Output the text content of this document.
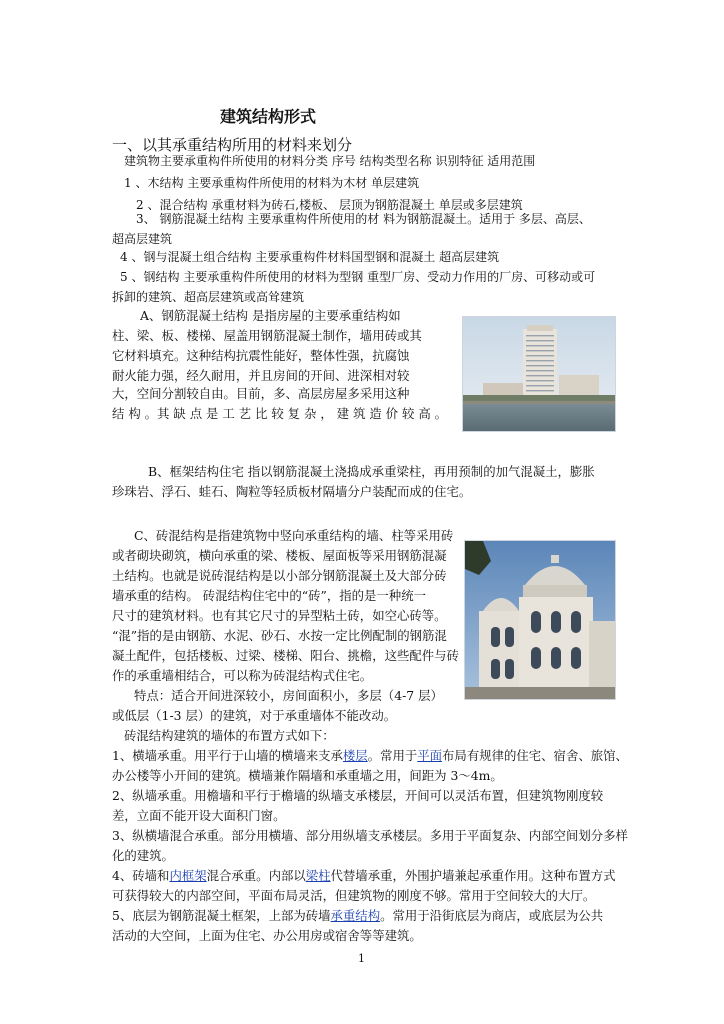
建筑结构形式
一、以其承重结构所用的材料来划分
建筑物主要承重构件所使用的材料分类 序号 结构类型名称 识别特征 适用范围
1 、木结构 主要承重构件所使用的材料为木材 单层建筑
2 、混合结构 承重材料为砖石,楼板、 层顶为钢筋混凝土 单层或多层建筑
3、 钢筋混凝土结构 主要承重构件所使用的材 料为钢筋混凝土。适用于 多层、高层、
超高层建筑
4 、钢与混凝土组合结构 主要承重构件材料国型钢和混凝土 超高层建筑
5 、钢结构 主要承重构件所使用的材料为型钢 重型厂房、受动力作用的厂房、可移动或可
拆卸的建筑、超高层建筑或高耸建筑
A、钢筋混凝土结构 是指房屋的主要承重结构如
柱、梁、板、楼梯、屋盖用钢筋混凝土制作，墙用砖或其
它材料填充。这种结构抗震性能好，整体性强，抗腐蚀
耐火能力强，经久耐用，并且房间的开间、进深相对较
大，空间分割较自由。目前，多、高层房屋多采用这种
结 构 。其 缺 点 是 工 艺 比 较 复 杂 ， 建 筑 造 价 较 高 。
B、框架结构住宅 指以钢筋混凝土浇捣成承重梁柱，再用预制的加气混凝土，膨胀
珍珠岩、浮石、蛙石、陶粒等轻质板材隔墙分户装配而成的住宅。
C、砖混结构是指建筑物中竖向承重结构的墙、柱等采用砖
或者砌块砌筑，横向承重的梁、楼板、屋面板等采用钢筋混凝
土结构。也就是说砖混结构是以小部分钢筋混凝土及大部分砖
墙承重的结构。 砖混结构住宅中的“砖”，指的是一种统一
尺寸的建筑材料。也有其它尺寸的异型粘土砖，如空心砖等。
“混”指的是由钢筋、水泥、砂石、水按一定比例配制的钢筋混
凝土配件，包括楼板、过梁、楼梯、阳台、挑檐，这些配件与砖
作的承重墙相结合，可以称为砖混结构式住宅。
特点：适合开间进深较小，房间面积小，多层（4-7 层）
或低层（1-3 层）的建筑，对于承重墙体不能改动。
砖混结构建筑的墙体的布置方式如下：
1、横墙承重。用平行于山墙的横墙来支承楼层。常用于平面布局有规律的住宅、宿舍、旅馆、
办公楼等小开间的建筑。横墙兼作隔墙和承重墙之用，间距为 3～4m。
2、纵墙承重。用檐墙和平行于檐墙的纵墙支承楼层，开间可以灵活布置，但建筑物刚度较
差，立面不能开设大面积门窗。
3、纵横墙混合承重。部分用横墙、部分用纵墙支承楼层。多用于平面复杂、内部空间划分多样
化的建筑。
4、砖墙和内框架混合承重。内部以梁柱代替墙承重，外围护墙兼起承重作用。这种布置方式
可获得较大的内部空间，平面布局灵活，但建筑物的刚度不够。常用于空间较大的大厅。
5、底层为钢筋混凝土框架，上部为砖墙承重结构。常用于沿街底层为商店，或底层为公共
活动的大空间，上面为住宅、办公用房或宿舍等等建筑。
1
